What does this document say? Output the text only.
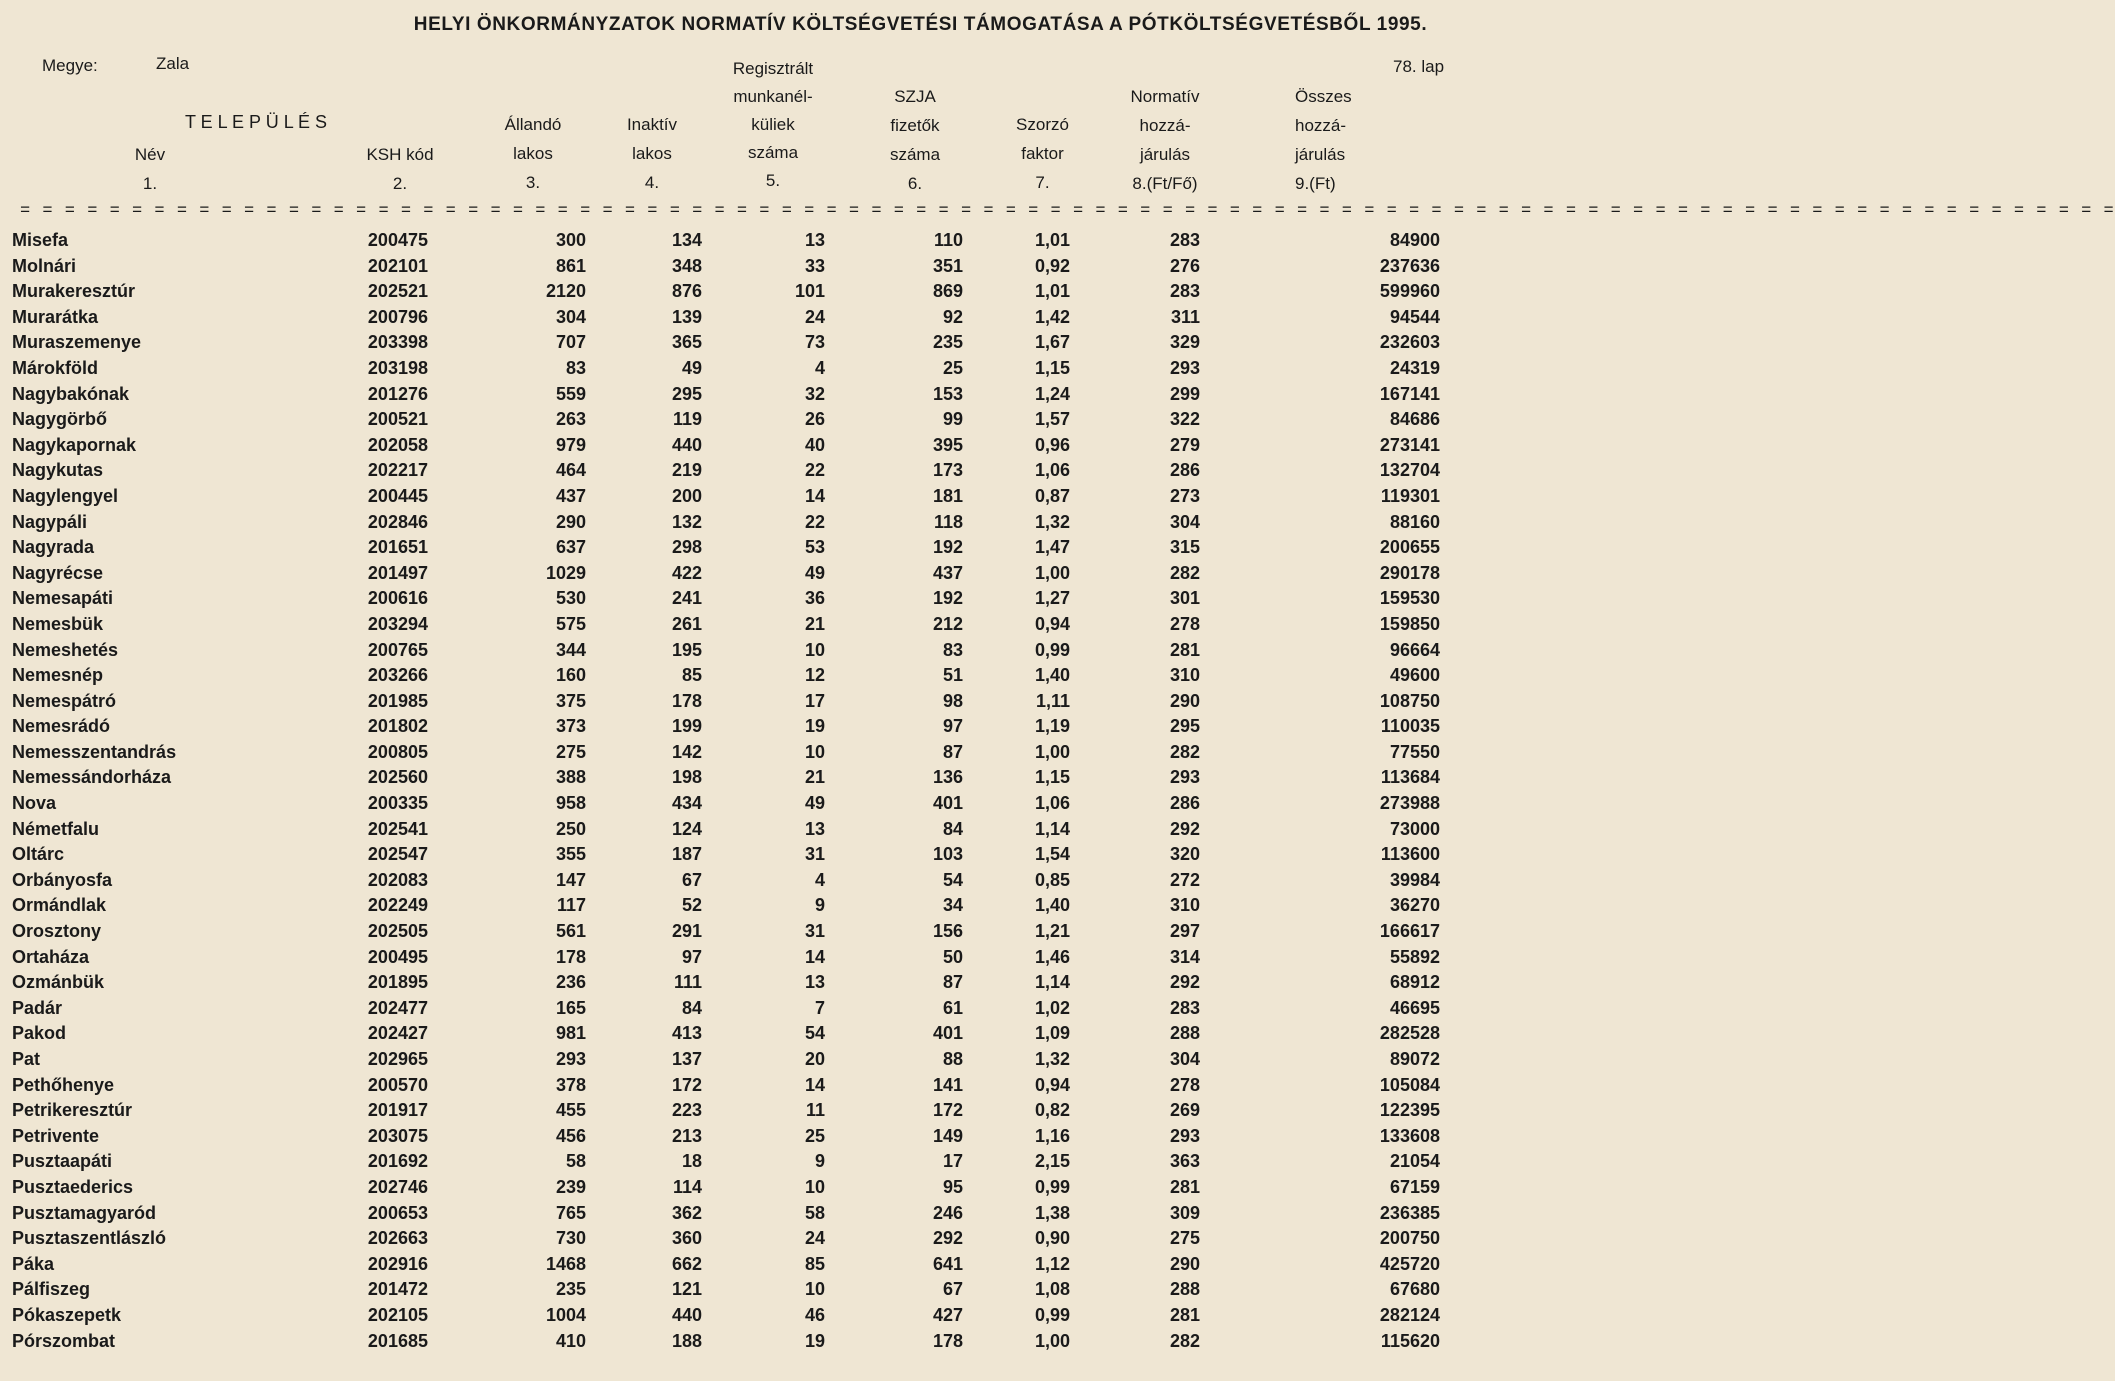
HELYI ÖNKORMÁNYZATOK NORMATÍV KÖLTSÉGVETÉSI TÁMOGATÁSA A PÓTKÖLTSÉGVETÉSBŐL 1995.
Megye:	Zala	78. lap
T E L E P Ü L É S
Név
1.
KSH kód
2.
Állandó
lakos
3.
Inaktív
lakos
4.
Regisztrált
munkanél-
küliek
száma
5.
SZJA
fizetők
száma
6.
Szorzó
faktor
7.
Normatív
hozzá-
járulás
8.(Ft/Fő)
Összes
hozzá-
járulás
9.(Ft)
= = = = = = = = = = = = = = = = = = = = = = = = = = = = = = = = = = = = = = = = = = = = = = = = = = = = = = = = = = = = = = = = = = = = = = = = = = = = = = = = = = = = = = = = = = = = = =
Misefa	200475	300	134	13	110	1,01	283	84900
Molnári	202101	861	348	33	351	0,92	276	237636
Murakeresztúr	202521	2120	876	101	869	1,01	283	599960
Murarátka	200796	304	139	24	92	1,42	311	94544
Muraszemenye	203398	707	365	73	235	1,67	329	232603
Márokföld	203198	83	49	4	25	1,15	293	24319
Nagybakónak	201276	559	295	32	153	1,24	299	167141
Nagygörbő	200521	263	119	26	99	1,57	322	84686
Nagykapornak	202058	979	440	40	395	0,96	279	273141
Nagykutas	202217	464	219	22	173	1,06	286	132704
Nagylengyel	200445	437	200	14	181	0,87	273	119301
Nagypáli	202846	290	132	22	118	1,32	304	88160
Nagyrada	201651	637	298	53	192	1,47	315	200655
Nagyrécse	201497	1029	422	49	437	1,00	282	290178
Nemesapáti	200616	530	241	36	192	1,27	301	159530
Nemesbük	203294	575	261	21	212	0,94	278	159850
Nemeshetés	200765	344	195	10	83	0,99	281	96664
Nemesnép	203266	160	85	12	51	1,40	310	49600
Nemespátró	201985	375	178	17	98	1,11	290	108750
Nemesrádó	201802	373	199	19	97	1,19	295	110035
Nemesszentandrás	200805	275	142	10	87	1,00	282	77550
Nemessándorháza	202560	388	198	21	136	1,15	293	113684
Nova	200335	958	434	49	401	1,06	286	273988
Németfalu	202541	250	124	13	84	1,14	292	73000
Oltárc	202547	355	187	31	103	1,54	320	113600
Orbányosfa	202083	147	67	4	54	0,85	272	39984
Ormándlak	202249	117	52	9	34	1,40	310	36270
Orosztony	202505	561	291	31	156	1,21	297	166617
Ortaháza	200495	178	97	14	50	1,46	314	55892
Ozmánbük	201895	236	111	13	87	1,14	292	68912
Padár	202477	165	84	7	61	1,02	283	46695
Pakod	202427	981	413	54	401	1,09	288	282528
Pat	202965	293	137	20	88	1,32	304	89072
Pethőhenye	200570	378	172	14	141	0,94	278	105084
Petrikeresztúr	201917	455	223	11	172	0,82	269	122395
Petrivente	203075	456	213	25	149	1,16	293	133608
Pusztaapáti	201692	58	18	9	17	2,15	363	21054
Pusztaederics	202746	239	114	10	95	0,99	281	67159
Pusztamagyaród	200653	765	362	58	246	1,38	309	236385
Pusztaszentlászló	202663	730	360	24	292	0,90	275	200750
Páka	202916	1468	662	85	641	1,12	290	425720
Pálfiszeg	201472	235	121	10	67	1,08	288	67680
Pókaszepetk	202105	1004	440	46	427	0,99	281	282124
Pórszombat	201685	410	188	19	178	1,00	282	115620
